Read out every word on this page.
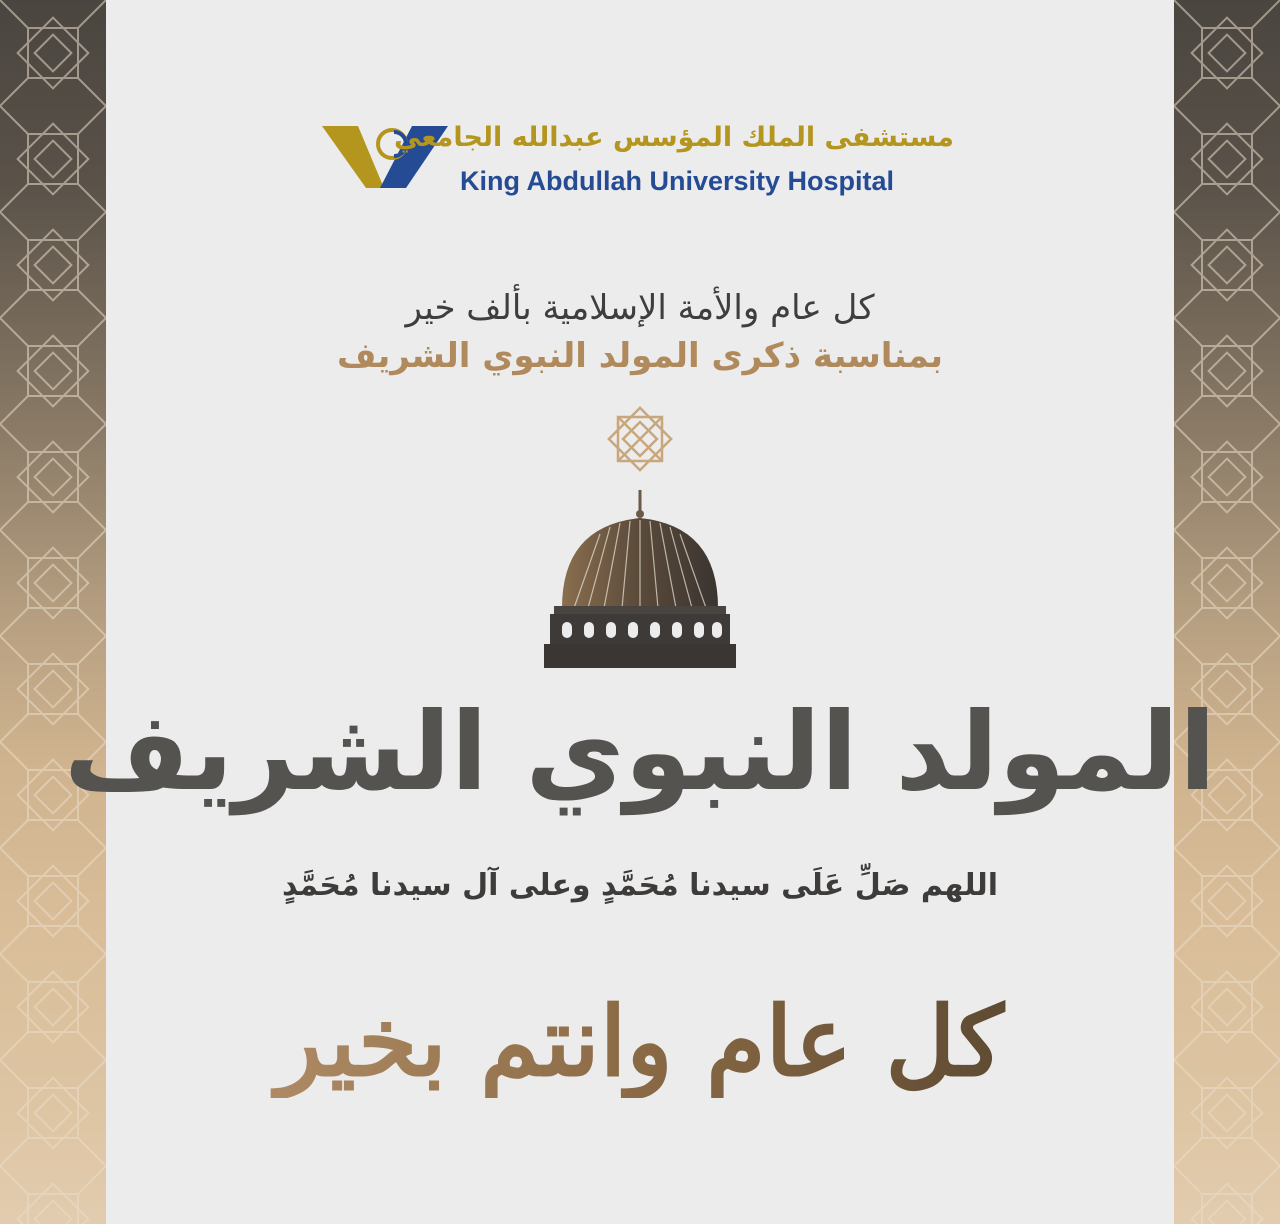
مستشفى الملك المؤسس عبدالله الجامعي
King Abdullah University Hospital
كل عام والأمة الإسلامية بألف خير
بمناسبة ذكرى المولد النبوي الشريف
المولد النبوي الشريف
اللهم صَلِّ عَلَى سيدنا مُحَمَّدٍ وعلى آل سيدنا مُحَمَّدٍ
كل عام وانتم بخير
